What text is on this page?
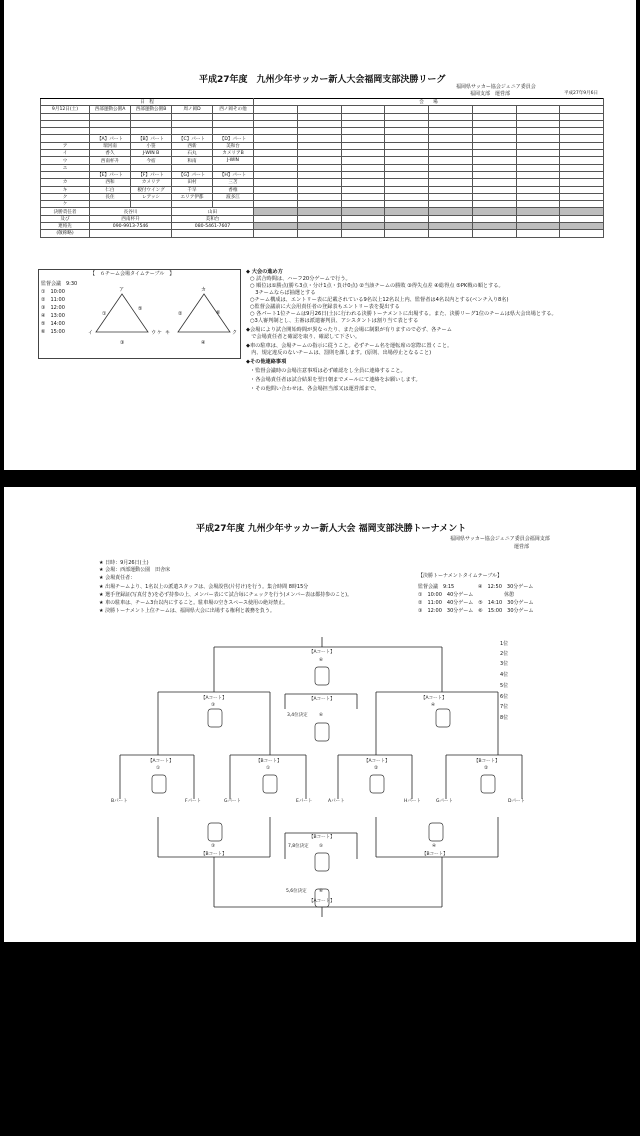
平成27年度　九州少年サッカー新人大会福岡支部決勝リーグ
福岡県サッカー協会ジュニア委員会
福岡支部　運営部	平成27年9月6日
日　程					会　　場							
9月12日(土)	西部運動公園A	西部運動公園B	周ノ岡D	西ノ岡その他								

	【A】パート	【B】パート	【C】パート	【D】パート								
ア	瑞河南	小笹	西新	美和台								
イ	香久	J-WIN B	石丸	カメリアB								
ウ	西南杯升	今宿	和南	J-WIN								
エ												
	【E】パート	【F】パート	【G】パート	【H】パート								
カ	西和	カメリア	田村	三苫								
キ	仁白	板付ウイング	千早	香椎								
ク	長住	レアッシ	エリア伊都	波多江								
ケ												
決勝責任者	長谷川		山田									
及び	西南杯升		美和台									
連絡先	090-9913-7546		080-5461-7607									
(敬称略)												
【　６チーム会場タイムテーブル　】
監督会議　9:30
①　10:00
②　11:00
③　12:00
④　13:00
⑤　14:00
⑥　15:00
ア
イ	ウ
①
⑤
③
カ
キ	ク
②	⑥
④
ケ
◆ 大会の進め方
○ 試合時間は、ハーフ20分ゲームで行う。
○ 順位は①勝点(勝ち3点・分け1点・負け0点) ②当該チームの勝敗 ③得失点差 ④総得点 ⑤PK戦の順とする。
　3チームならば抽選とする
○チーム構成は、エントリー表に記載されている9名以上12名以上内、監督者は4名以内とする(ベンチ入り8名)
○監督会議前に大会用責任者の登録表もエントリー表を提出する
○ 各パート1位チームは9月26日(土)に行われる決勝トーナメントに出場する。また、決勝リーグ1位のチームは県大会出場とする。
○3人審判制とし、主審は派遣審判員、アシスタントは割り当て表とする
◆会場により試合開始時間が異なったり、また会場に制限が有りますので必ず、各チーム
　で会場責任者と確認を取り、確認して下さい。
◆車の駐車は、会場チームの指示に従うこと。必ずチーム名を運転席の窓際に置くこと。
　内、規定違反のないチームは、罰則を課します。(原則、出場停止となること)
◆その他連絡事項
・監督会議時の会場注意事項は必ず確認をし全員に連絡すること。
・各会場責任者は試合結果を翌日朝までメールにて連絡をお願いします。
・その他問い合わせは、各会場担当部又は運営部まで。
平成27年度 九州少年サッカー新人大会 福岡支部決勝トーナメント
福岡県サッカー協会ジュニア委員会福岡支部
運営部
★ 日時：9月26日(土)
★ 会場：西部運動公園　田舎床
★ 会場責任者：
★ 出場チームより、1名以上の派遣スタッフは、会場設営(片付け)を行う。集合時間 8時15分
★ 選手登録証(写真付き)を必ず持参の上、メンバー表にて試合毎にチェックを行う(メンバー表は都持参のこと)。
★ 車の駐車は、チーム3台以内にすること。駐車場の空きスペース使用の絶対禁止。
★ 決勝トーナメント上位チームは、福岡県大会に出場する権利と義務を負う。
【決勝トーナメントタイムテーブル】
監督会議　9:15	④　12:50　30分ゲーム
①　10:00　40分ゲーム	休憩
②　11:00　40分ゲーム　⑤　14:10　30分ゲーム
③　12:00　30分ゲーム　⑥　15:00　30分ゲーム
1位
2位
3位
4位
5位
6位
7位
8位
【Aコート】
⑥
【Aコート】
③
【Aコート】
④
【Aコート】
3,4位決定	⑥
【Aコート】
①
【Bコート】
①
【Aコート】
②
【Bコート】
②
③
【Bコート】
④
【Bコート】
【Bコート】
7,8位決定 ⑤
5,6位決定	⑥
【Aコート】
Bパート	Fパート	Gパート	Eパート	Aパート	Hパート	Gパート	Dパート
